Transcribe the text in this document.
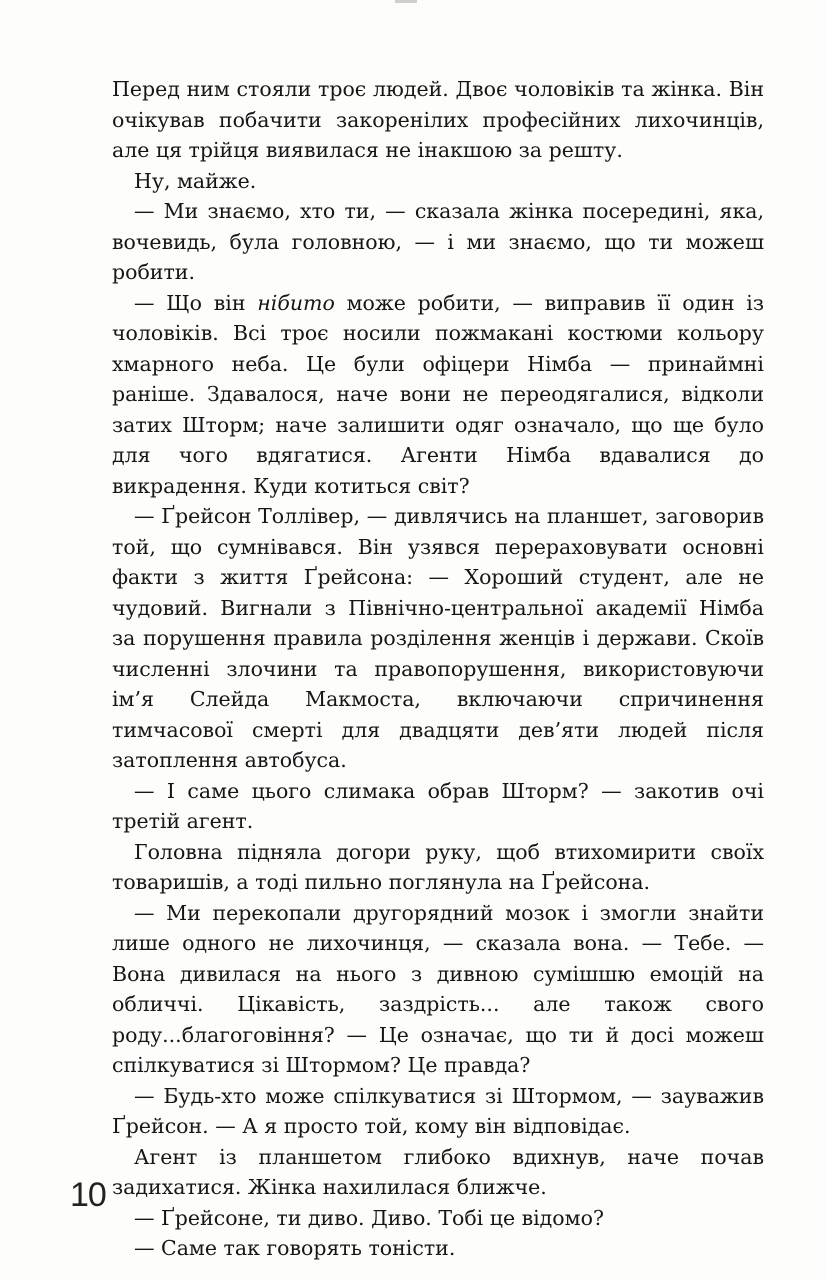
Перед ним стояли троє людей. Двоє чоловіків та жінка. Він очікував побачити закоренілих професійних лихочинців, але ця трійця виявилася не інакшою за решту.

Ну, майже.

— Ми знаємо, хто ти, — сказала жінка посередині, яка, вочевидь, була головною, — і ми знаємо, що ти можеш робити.

— Що він нібито може робити, — виправив її один із чоловіків. Всі троє носили пожмакані костюми кольору хмарного неба. Це були офіцери Німба — принаймні раніше. Здавалося, наче вони не переодягалися, відколи затих Шторм; наче залишити одяг означало, що ще було для чого вдягатися. Агенти Німба вдавалися до викрадення. Куди котиться світ?

— Ґрейсон Толлівер, — дивлячись на планшет, заговорив той, що сумнівався. Він узявся перераховувати основні факти з життя Ґрейсона: — Хороший студент, але не чудовий. Вигнали з Північно-центральної академії Німба за порушення правила розділення женців і держави. Скоїв численні злочини та правопорушення, використовуючи ім’я Слейда Макмоста, включаючи спричинення тимчасової смерті для двадцяти дев’яти людей після затоплення автобуса.

— І саме цього слимака обрав Шторм? — закотив очі третій агент.

Головна підняла догори руку, щоб втихомирити своїх товаришів, а тоді пильно поглянула на Ґрейсона.

— Ми перекопали другорядний мозок і змогли знайти лише одного не лихочинця, — сказала вона. — Тебе. — Вона дивилася на нього з дивною сумішшю емоцій на обличчі. Цікавість, заздрість... але також свого роду...благоговіння? — Це означає, що ти й досі можеш спілкуватися зі Штормом? Це правда?

— Будь-хто може спілкуватися зі Штормом, — зауважив Ґрейсон. — А я просто той, кому він відповідає.

Агент із планшетом глибоко вдихнув, наче почав задихатися. Жінка нахилилася ближче.

— Ґрейсоне, ти диво. Диво. Тобі це відомо?

— Саме так говорять тоністи.

10
